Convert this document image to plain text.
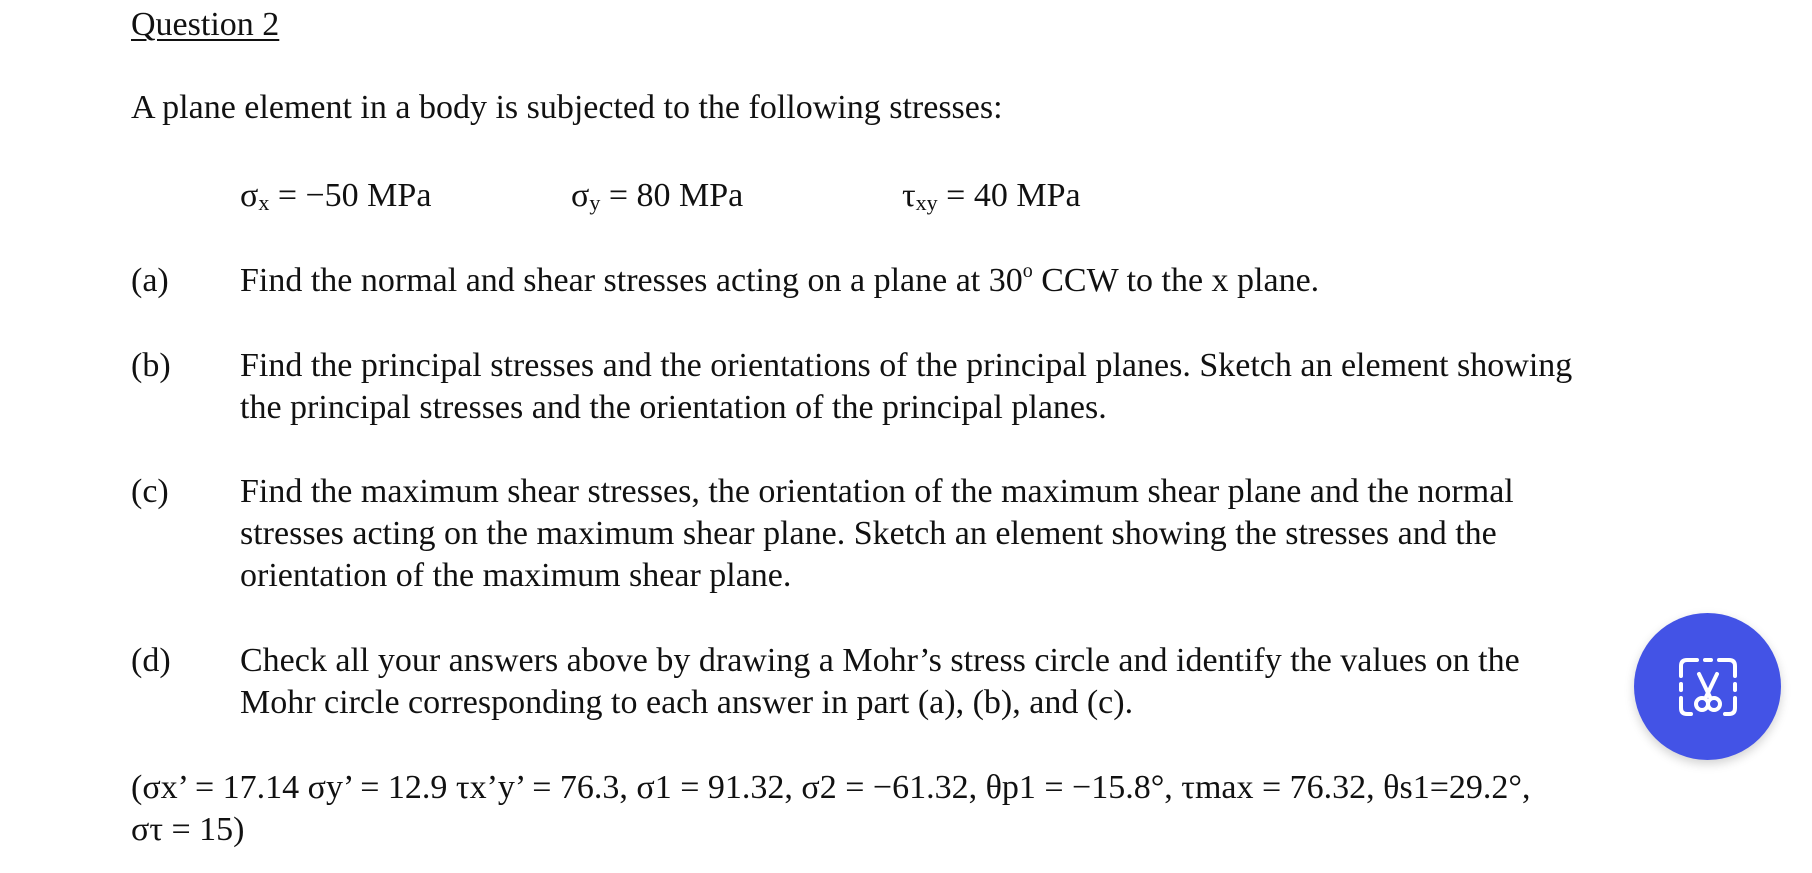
Question 2
A plane element in a body is subjected to the following stresses:
$\sigma_x = -50$ MPa	$\sigma_y = 80$ MPa	$\tau_{xy} = 40$ MPa
(a) Find the normal and shear stresses acting on a plane at 30$^o$ CCW to the x plane.
(b) Find the principal stresses and the orientations of the principal planes. Sketch an element showing
the principal stresses and the orientation of the principal planes.
(c) Find the maximum shear stresses, the orientation of the maximum shear plane and the normal
stresses acting on the maximum shear plane. Sketch an element showing the stresses and the
orientation of the maximum shear plane.
(d) Check all your answers above by drawing a Mohr’s stress circle and identify the values on the
Mohr circle corresponding to each answer in part (a), (b), and (c).
(σx’ = 17.14 σy’ = 12.9 τx’y’ = 76.3, σ1 = 91.32, σ2 = −61.32, θp1 = −15.8°, τmax = 76.32, θs1=29.2°,
στ = 15)
